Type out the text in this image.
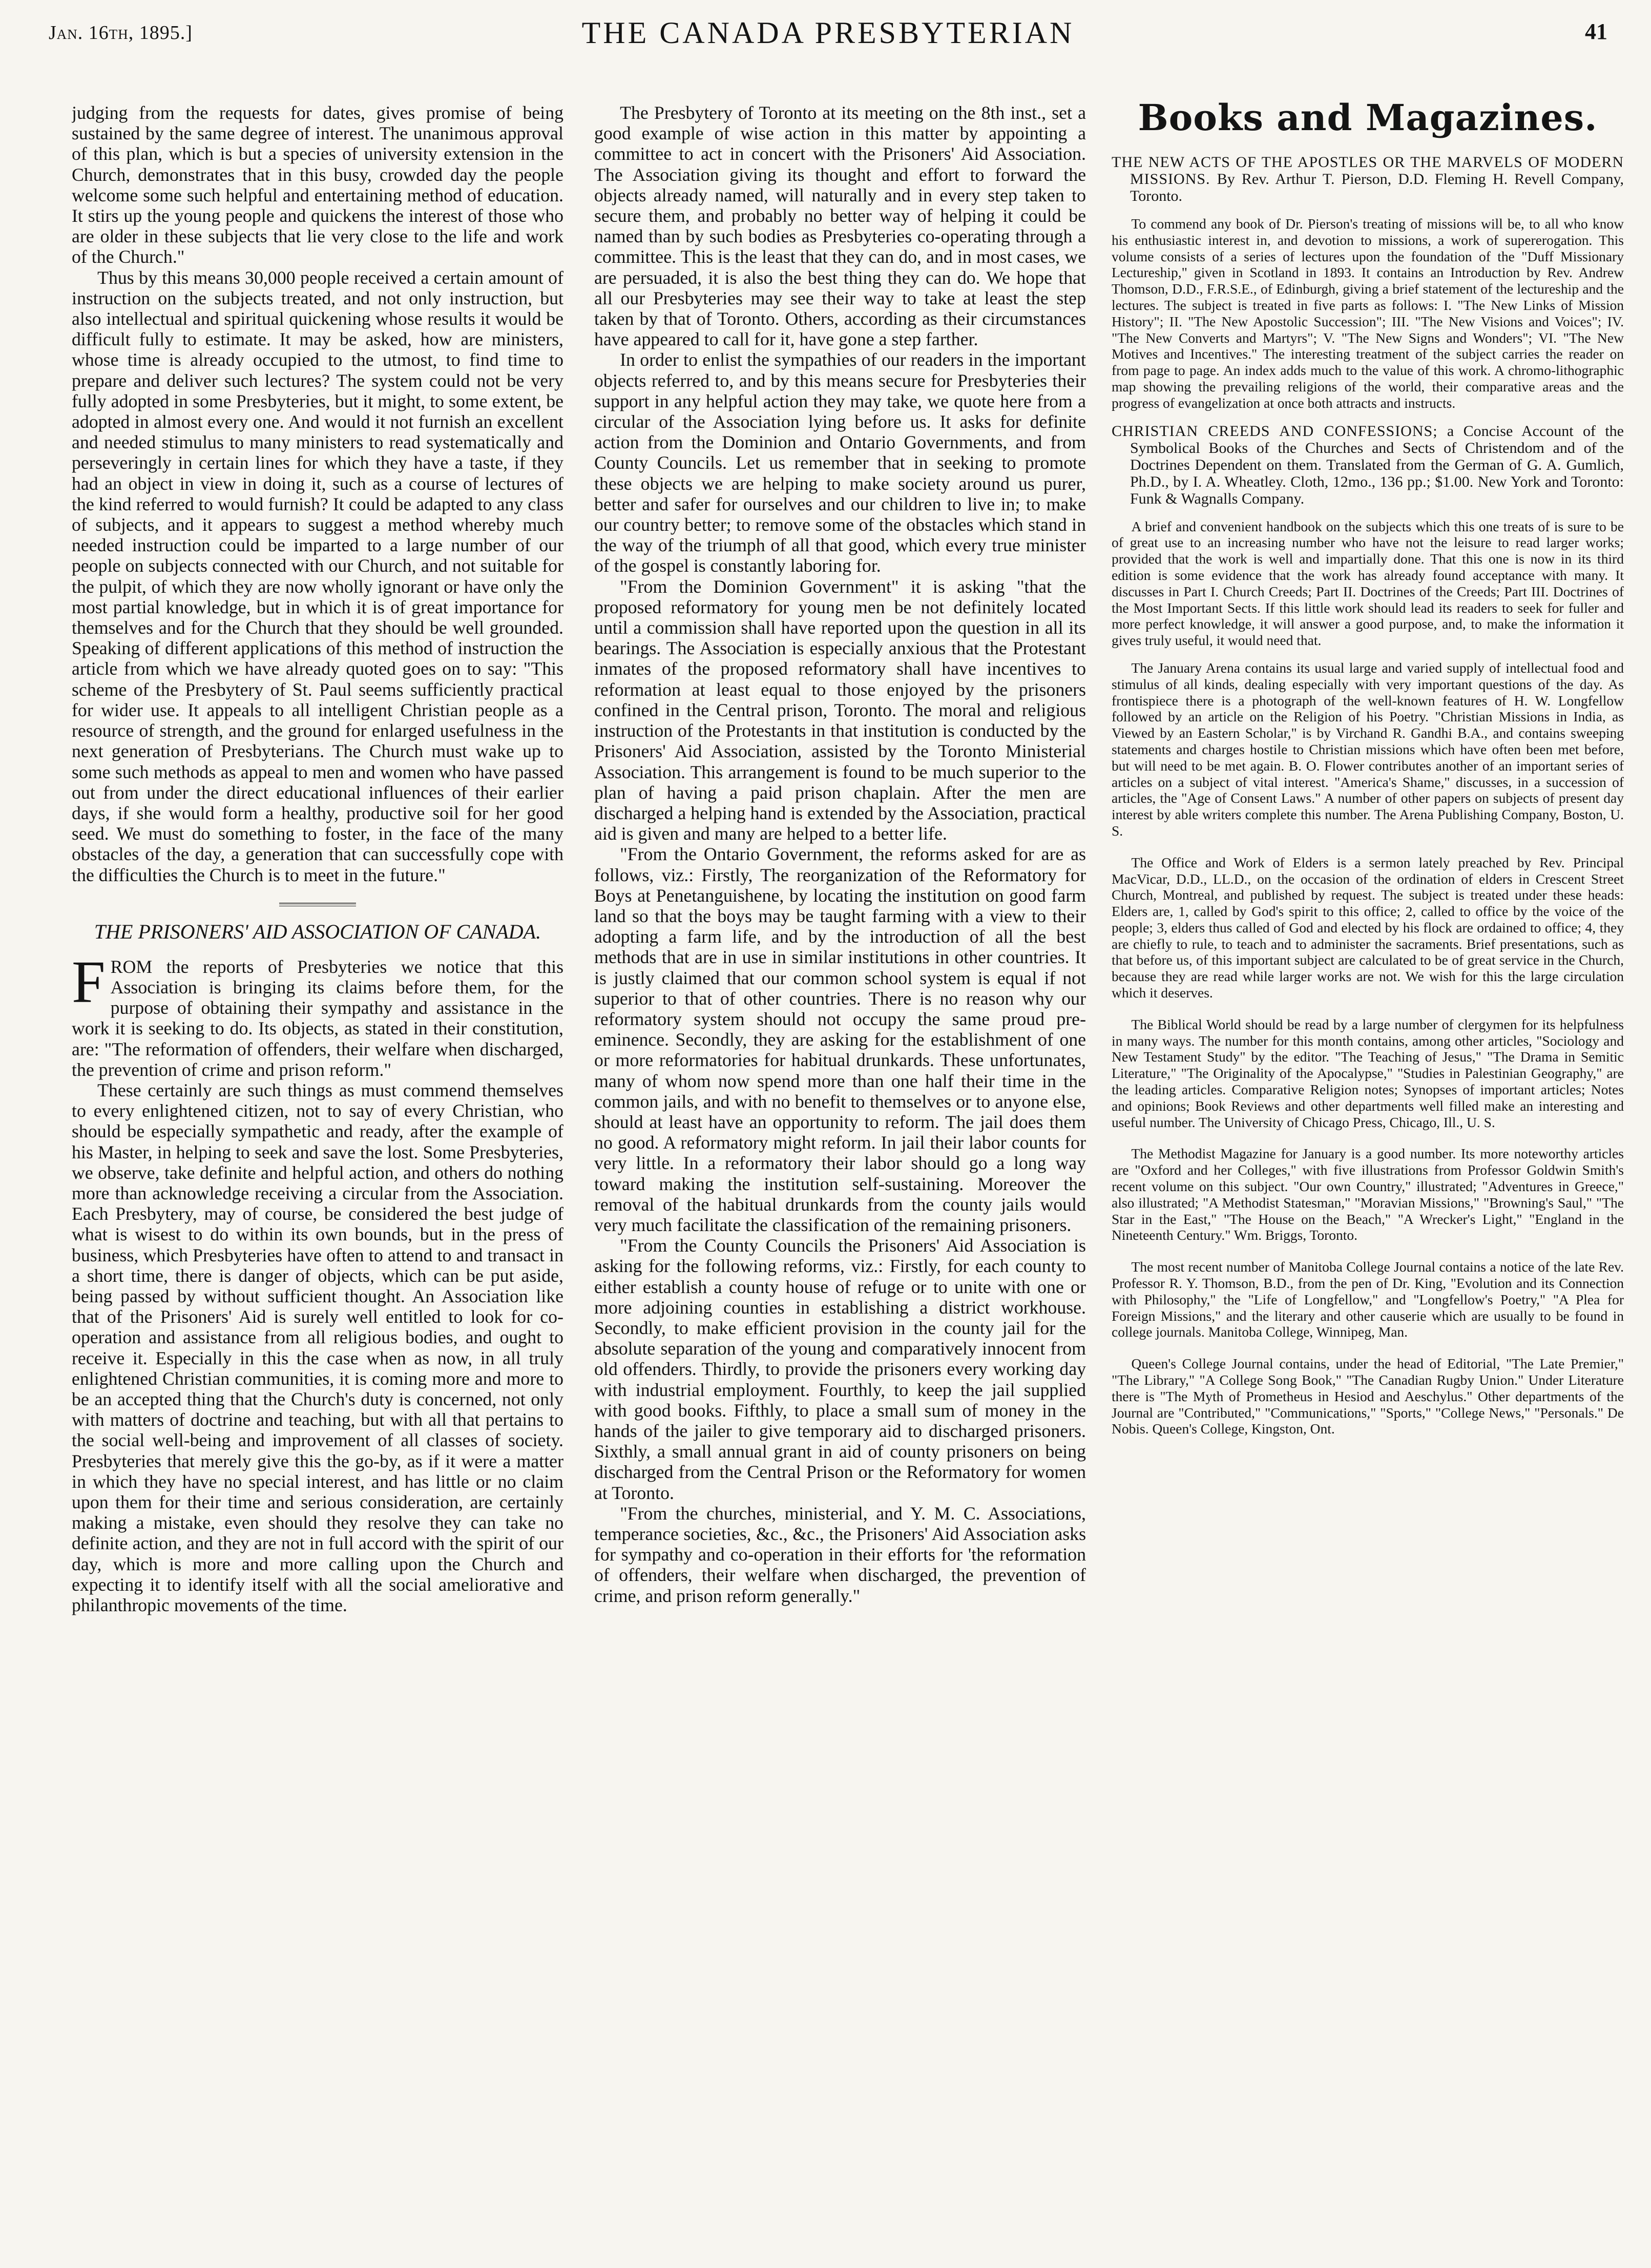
Jan. 16th, 1895.]	THE CANADA PRESBYTERIAN	41

judging from the requests for dates, gives promise of being sustained by the same degree of interest. The unanimous approval of this plan, which is but a species of university extension in the Church, demonstrates that in this busy, crowded day the people welcome some such helpful and entertaining method of education. It stirs up the young people and quickens the interest of those who are older in these subjects that lie very close to the life and work of the Church."

Thus by this means 30,000 people received a certain amount of instruction on the subjects treated, and not only instruction, but also intellectual and spiritual quickening whose results it would be difficult fully to estimate. It may be asked, how are ministers, whose time is already occupied to the utmost, to find time to prepare and deliver such lectures? The system could not be very fully adopted in some Presbyteries, but it might, to some extent, be adopted in almost every one. And would it not furnish an excellent and needed stimulus to many ministers to read systematically and perseveringly in certain lines for which they have a taste, if they had an object in view in doing it, such as a course of lectures of the kind referred to would furnish? It could be adapted to any class of subjects, and it appears to suggest a method whereby much needed instruction could be imparted to a large number of our people on subjects connected with our Church, and not suitable for the pulpit, of which they are now wholly ignorant or have only the most partial knowledge, but in which it is of great importance for themselves and for the Church that they should be well grounded. Speaking of different applications of this method of instruction the article from which we have already quoted goes on to say: "This scheme of the Presbytery of St. Paul seems sufficiently practical for wider use. It appeals to all intelligent Christian people as a resource of strength, and the ground for enlarged usefulness in the next generation of Presbyterians. The Church must wake up to some such methods as appeal to men and women who have passed out from under the direct educational influences of their earlier days, if she would form a healthy, productive soil for her good seed. We must do something to foster, in the face of the many obstacles of the day, a generation that can successfully cope with the difficulties the Church is to meet in the future."

THE PRISONERS' AID ASSOCIATION OF CANADA.

FROM the reports of Presbyteries we notice that this Association is bringing its claims before them, for the purpose of obtaining their sympathy and assistance in the work it is seeking to do. Its objects, as stated in their constitution, are: "The reformation of offenders, their welfare when discharged, the prevention of crime and prison reform."

These certainly are such things as must commend themselves to every enlightened citizen, not to say of every Christian, who should be especially sympathetic and ready, after the example of his Master, in helping to seek and save the lost. Some Presbyteries, we observe, take definite and helpful action, and others do nothing more than acknowledge receiving a circular from the Association. Each Presbytery, may of course, be considered the best judge of what is wisest to do within its own bounds, but in the press of business, which Presbyteries have often to attend to and transact in a short time, there is danger of objects, which can be put aside, being passed by without sufficient thought. An Association like that of the Prisoners' Aid is surely well entitled to look for co-operation and assistance from all religious bodies, and ought to receive it. Especially in this the case when as now, in all truly enlightened Christian communities, it is coming more and more to be an accepted thing that the Church's duty is concerned, not only with matters of doctrine and teaching, but with all that pertains to the social well-being and improvement of all classes of society. Presbyteries that merely give this the go-by, as if it were a matter in which they have no special interest, and has little or no claim upon them for their time and serious consideration, are certainly making a mistake, even should they resolve they can take no definite action, and they are not in full accord with the spirit of our day, which is more and more calling upon the Church and expecting it to identify itself with all the social ameliorative and philanthropic movements of the time.

The Presbytery of Toronto at its meeting on the 8th inst., set a good example of wise action in this matter by appointing a committee to act in concert with the Prisoners' Aid Association. The Association giving its thought and effort to forward the objects already named, will naturally and in every step taken to secure them, and probably no better way of helping it could be named than by such bodies as Presbyteries co-operating through a committee. This is the least that they can do, and in most cases, we are persuaded, it is also the best thing they can do. We hope that all our Presbyteries may see their way to take at least the step taken by that of Toronto. Others, according as their circumstances have appeared to call for it, have gone a step farther.

In order to enlist the sympathies of our readers in the important objects referred to, and by this means secure for Presbyteries their support in any helpful action they may take, we quote here from a circular of the Association lying before us. It asks for definite action from the Dominion and Ontario Governments, and from County Councils. Let us remember that in seeking to promote these objects we are helping to make society around us purer, better and safer for ourselves and our children to live in; to make our country better; to remove some of the obstacles which stand in the way of the triumph of all that good, which every true minister of the gospel is constantly laboring for.

"From the Dominion Government" it is asking "that the proposed reformatory for young men be not definitely located until a commission shall have reported upon the question in all its bearings. The Association is especially anxious that the Protestant inmates of the proposed reformatory shall have incentives to reformation at least equal to those enjoyed by the prisoners confined in the Central prison, Toronto. The moral and religious instruction of the Protestants in that institution is conducted by the Prisoners' Aid Association, assisted by the Toronto Ministerial Association. This arrangement is found to be much superior to the plan of having a paid prison chaplain. After the men are discharged a helping hand is extended by the Association, practical aid is given and many are helped to a better life.

"From the Ontario Government, the reforms asked for are as follows, viz.: Firstly, The reorganization of the Reformatory for Boys at Penetanguishene, by locating the institution on good farm land so that the boys may be taught farming with a view to their adopting a farm life, and by the introduction of all the best methods that are in use in similar institutions in other countries. It is justly claimed that our common school system is equal if not superior to that of other countries. There is no reason why our reformatory system should not occupy the same proud pre-eminence. Secondly, they are asking for the establishment of one or more reformatories for habitual drunkards. These unfortunates, many of whom now spend more than one half their time in the common jails, and with no benefit to themselves or to anyone else, should at least have an opportunity to reform. The jail does them no good. A reformatory might reform. In jail their labor counts for very little. In a reformatory their labor should go a long way toward making the institution self-sustaining. Moreover the removal of the habitual drunkards from the county jails would very much facilitate the classification of the remaining prisoners.

"From the County Councils the Prisoners' Aid Association is asking for the following reforms, viz.: Firstly, for each county to either establish a county house of refuge or to unite with one or more adjoining counties in establishing a district workhouse. Secondly, to make efficient provision in the county jail for the absolute separation of the young and comparatively innocent from old offenders. Thirdly, to provide the prisoners every working day with industrial employment. Fourthly, to keep the jail supplied with good books. Fifthly, to place a small sum of money in the hands of the jailer to give temporary aid to discharged prisoners. Sixthly, a small annual grant in aid of county prisoners on being discharged from the Central Prison or the Reformatory for women at Toronto.

"From the churches, ministerial, and Y. M. C. Associations, temperance societies, &c., &c., the Prisoners' Aid Association asks for sympathy and co-operation in their efforts for 'the reformation of offenders, their welfare when discharged, the prevention of crime, and prison reform generally."

Books and Magazines.

THE NEW ACTS OF THE APOSTLES OR THE MARVELS OF MODERN MISSIONS. By Rev. Arthur T. Pierson, D.D. Fleming H. Revell Company, Toronto.

To commend any book of Dr. Pierson's treating of missions will be, to all who know his enthusiastic interest in, and devotion to missions, a work of supererogation. This volume consists of a series of lectures upon the foundation of the "Duff Missionary Lectureship," given in Scotland in 1893. It contains an Introduction by Rev. Andrew Thomson, D.D., F.R.S.E., of Edinburgh, giving a brief statement of the lectureship and the lectures. The subject is treated in five parts as follows: I. "The New Links of Mission History"; II. "The New Apostolic Succession"; III. "The New Visions and Voices"; IV. "The New Converts and Martyrs"; V. "The New Signs and Wonders"; VI. "The New Motives and Incentives." The interesting treatment of the subject carries the reader on from page to page. An index adds much to the value of this work. A chromo-lithographic map showing the prevailing religions of the world, their comparative areas and the progress of evangelization at once both attracts and instructs.

CHRISTIAN CREEDS AND CONFESSIONS; a Concise Account of the Symbolical Books of the Churches and Sects of Christendom and of the Doctrines Dependent on them. Translated from the German of G. A. Gumlich, Ph.D., by I. A. Wheatley. Cloth, 12mo., 136 pp.; $1.00. New York and Toronto: Funk & Wagnalls Company.

A brief and convenient handbook on the subjects which this one treats of is sure to be of great use to an increasing number who have not the leisure to read larger works; provided that the work is well and impartially done. That this one is now in its third edition is some evidence that the work has already found acceptance with many. It discusses in Part I. Church Creeds; Part II. Doctrines of the Creeds; Part III. Doctrines of the Most Important Sects. If this little work should lead its readers to seek for fuller and more perfect knowledge, it will answer a good purpose, and, to make the information it gives truly useful, it would need that.

The January Arena contains its usual large and varied supply of intellectual food and stimulus of all kinds, dealing especially with very important questions of the day. As frontispiece there is a photograph of the well-known features of H. W. Longfellow followed by an article on the Religion of his Poetry. "Christian Missions in India, as Viewed by an Eastern Scholar," is by Virchand R. Gandhi B.A., and contains sweeping statements and charges hostile to Christian missions which have often been met before, but will need to be met again. B. O. Flower contributes another of an important series of articles on a subject of vital interest. "America's Shame," discusses, in a succession of articles, the "Age of Consent Laws." A number of other papers on subjects of present day interest by able writers complete this number. The Arena Publishing Company, Boston, U. S.

The Office and Work of Elders is a sermon lately preached by Rev. Principal MacVicar, D.D., LL.D., on the occasion of the ordination of elders in Crescent Street Church, Montreal, and published by request. The subject is treated under these heads: Elders are, 1, called by God's spirit to this office; 2, called to office by the voice of the people; 3, elders thus called of God and elected by his flock are ordained to office; 4, they are chiefly to rule, to teach and to administer the sacraments. Brief presentations, such as that before us, of this important subject are calculated to be of great service in the Church, because they are read while larger works are not. We wish for this the large circulation which it deserves.

The Biblical World should be read by a large number of clergymen for its helpfulness in many ways. The number for this month contains, among other articles, "Sociology and New Testament Study" by the editor. "The Teaching of Jesus," "The Drama in Semitic Literature," "The Originality of the Apocalypse," "Studies in Palestinian Geography," are the leading articles. Comparative Religion notes; Synopses of important articles; Notes and opinions; Book Reviews and other departments well filled make an interesting and useful number. The University of Chicago Press, Chicago, Ill., U. S.

The Methodist Magazine for January is a good number. Its more noteworthy articles are "Oxford and her Colleges," with five illustrations from Professor Goldwin Smith's recent volume on this subject. "Our own Country," illustrated; "Adventures in Greece," also illustrated; "A Methodist Statesman," "Moravian Missions," "Browning's Saul," "The Star in the East," "The House on the Beach," "A Wrecker's Light," "England in the Nineteenth Century." Wm. Briggs, Toronto.

The most recent number of Manitoba College Journal contains a notice of the late Rev. Professor R. Y. Thomson, B.D., from the pen of Dr. King, "Evolution and its Connection with Philosophy," the "Life of Longfellow," and "Longfellow's Poetry," "A Plea for Foreign Missions," and the literary and other causerie which are usually to be found in college journals. Manitoba College, Winnipeg, Man.

Queen's College Journal contains, under the head of Editorial, "The Late Premier," "The Library," "A College Song Book," "The Canadian Rugby Union." Under Literature there is "The Myth of Prometheus in Hesiod and Aeschylus." Other departments of the Journal are "Contributed," "Communications," "Sports," "College News," "Personals." De Nobis. Queen's College, Kingston, Ont.
